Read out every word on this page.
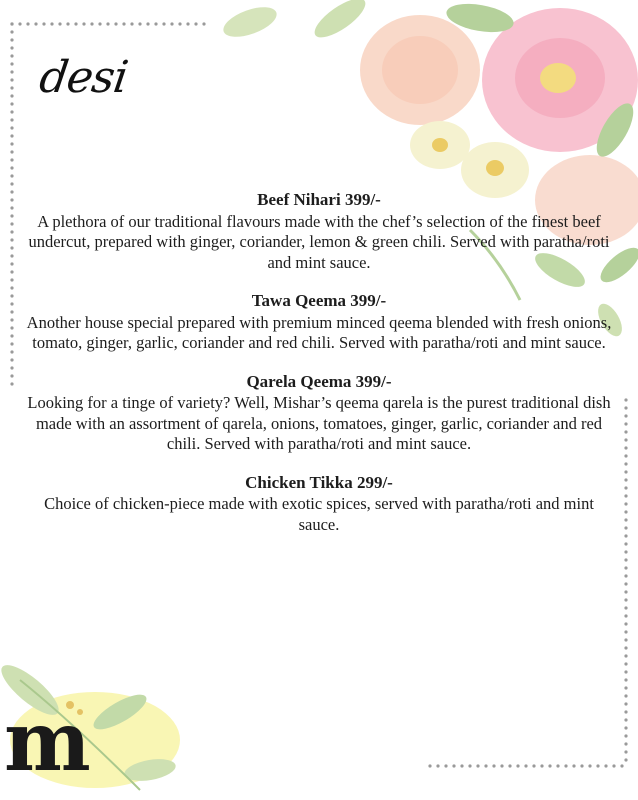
desi
Beef Nihari 399/-
A plethora of our traditional flavours made with the chef’s selection of the finest beef undercut, prepared with ginger, coriander, lemon & green chili. Served with paratha/roti and mint sauce.
Tawa Qeema 399/-
Another house special prepared with premium minced qeema blended with fresh onions, tomato, ginger, garlic, coriander and red chili. Served with paratha/roti and mint sauce.
Qarela Qeema 399/-
Looking for a tinge of variety? Well, Mishar’s qeema qarela is the purest traditional dish made with an assortment of qarela, onions, tomatoes, ginger, garlic, coriander and red chili. Served with paratha/roti and mint sauce.
Chicken Tikka 299/-
Choice of chicken-piece made with exotic spices, served with paratha/roti and mint sauce.
m
